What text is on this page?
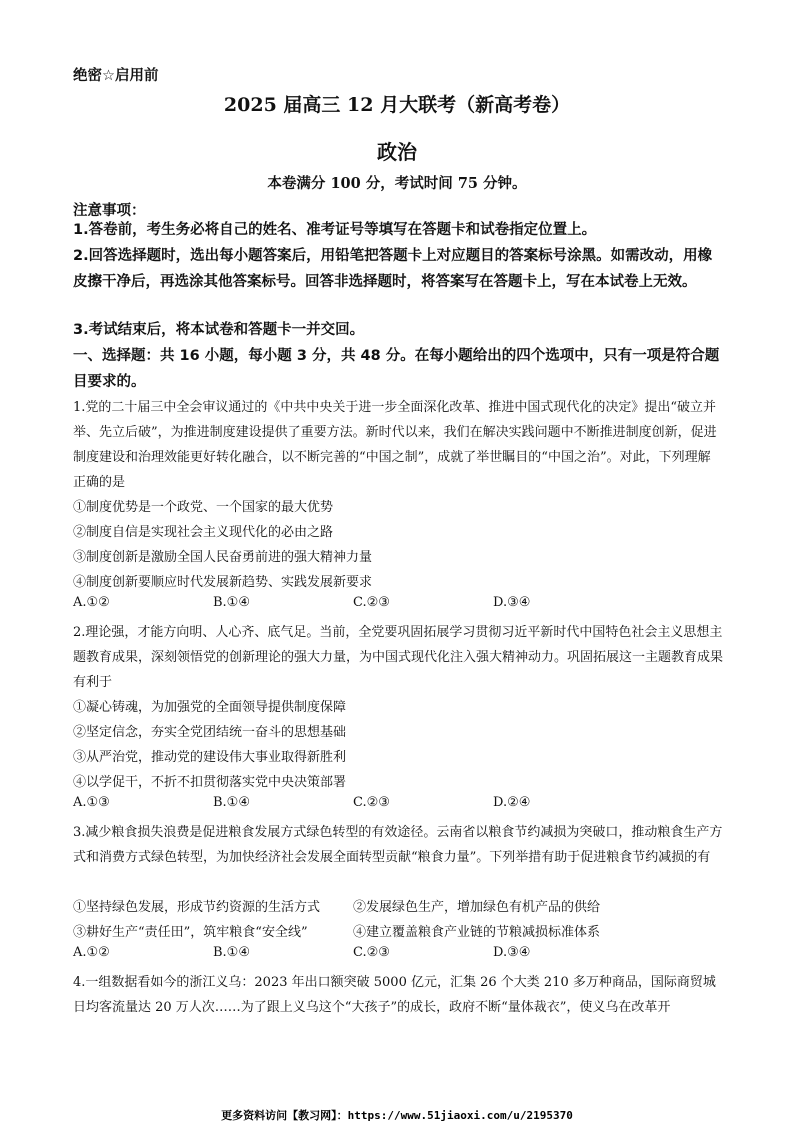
绝密☆启用前
2025 届高三 12 月大联考（新高考卷）
政治
本卷满分 100 分，考试时间 75 分钟。
注意事项：
1.答卷前，考生务必将自己的姓名、准考证号等填写在答题卡和试卷指定位置上。
2.回答选择题时，选出每小题答案后，用铅笔把答题卡上对应题目的答案标号涂黑。如需改动，用橡皮擦干净后，再选涂其他答案标号。回答非选择题时，将答案写在答题卡上，写在本试卷上无效。
3.考试结束后，将本试卷和答题卡一并交回。
一、选择题：共 16 小题，每小题 3 分，共 48 分。在每小题给出的四个选项中，只有一项是符合题目要求的。
1.党的二十届三中全会审议通过的《中共中央关于进一步全面深化改革、推进中国式现代化的决定》提出“破立并举、先立后破”，为推进制度建设提供了重要方法。新时代以来，我们在解决实践问题中不断推进制度创新，促进制度建设和治理效能更好转化融合，以不断完善的“中国之制”，成就了举世瞩目的“中国之治”。对此，下列理解正确的是
①制度优势是一个政党、一个国家的最大优势
②制度自信是实现社会主义现代化的必由之路
③制度创新是激励全国人民奋勇前进的强大精神力量
④制度创新要顺应时代发展新趋势、实践发展新要求
A.①②	B.①④	C.②③	D.③④
2.理论强，才能方向明、人心齐、底气足。当前，全党要巩固拓展学习贯彻习近平新时代中国特色社会主义思想主题教育成果，深刻领悟党的创新理论的强大力量，为中国式现代化注入强大精神动力。巩固拓展这一主题教育成果有利于
①凝心铸魂，为加强党的全面领导提供制度保障
②坚定信念，夯实全党团结统一奋斗的思想基础
③从严治党，推动党的建设伟大事业取得新胜利
④以学促干，不折不扣贯彻落实党中央决策部署
A.①③	B.①④	C.②③	D.②④
3.减少粮食损失浪费是促进粮食发展方式绿色转型的有效途径。云南省以粮食节约减损为突破口，推动粮食生产方式和消费方式绿色转型，为加快经济社会发展全面转型贡献“粮食力量”。下列举措有助于促进粮食节约减损的有
①坚持绿色发展，形成节约资源的生活方式	②发展绿色生产，增加绿色有机产品的供给
③耕好生产“责任田”，筑牢粮食“安全线”	④建立覆盖粮食产业链的节粮减损标准体系
A.①②	B.①④	C.②③	D.③④
4.一组数据看如今的浙江义乌：2023 年出口额突破 5000 亿元，汇集 26 个大类 210 多万种商品，国际商贸城日均客流量达 20 万人次……为了跟上义乌这个“大孩子”的成长，政府不断“量体裁衣”，使义乌在改革开
更多资料访问【教习网】：https://www.51jiaoxi.com/u/2195370
